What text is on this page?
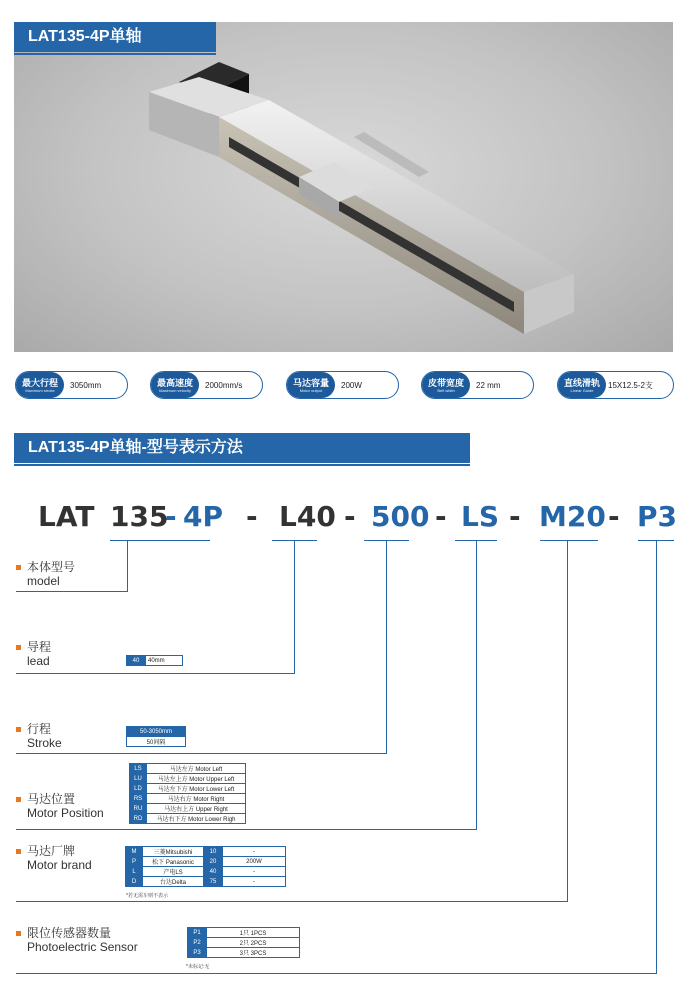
LAT135-4P单轴
最大行程
Maximum stroke
3050mm	最高速度
Maximum velocity
2000mm/s	马达容量
Motor output
200W	皮带宽度
Belt width
22 mm	直线滑轨
Linear Guide
15X12.5-2支
LAT135-4P单轴-型号表示方法
LAT 135
- 4P - L40 - 500 - LS - M20 - P3
本体型号
model
导程
lead	40	40mm
行程
Stroke
50-3050mm
50间隔
马达位置
Motor Position
LS	马达左方 Motor Left
LU	马达左上方 Motor Upper Left
LD	马达左下方 Motor Lower Left
RS	马达右方 Motor Right
RU	马达右上方 Upper Right
RD	马达右下方 Motor Lower Righ
马达厂牌
Motor brand
M	三菱Mitsubishi	10	-
P	松下 Panasonic	20	200W
L	产电LS	40	-
D	台达Delta	75	-
*若无需车则不表示
限位传感器数量
Photoelectric Sensor
P1	1只 1PCS
P2	2只 2PCS
P3	3只 3PCS
*未标记:无
